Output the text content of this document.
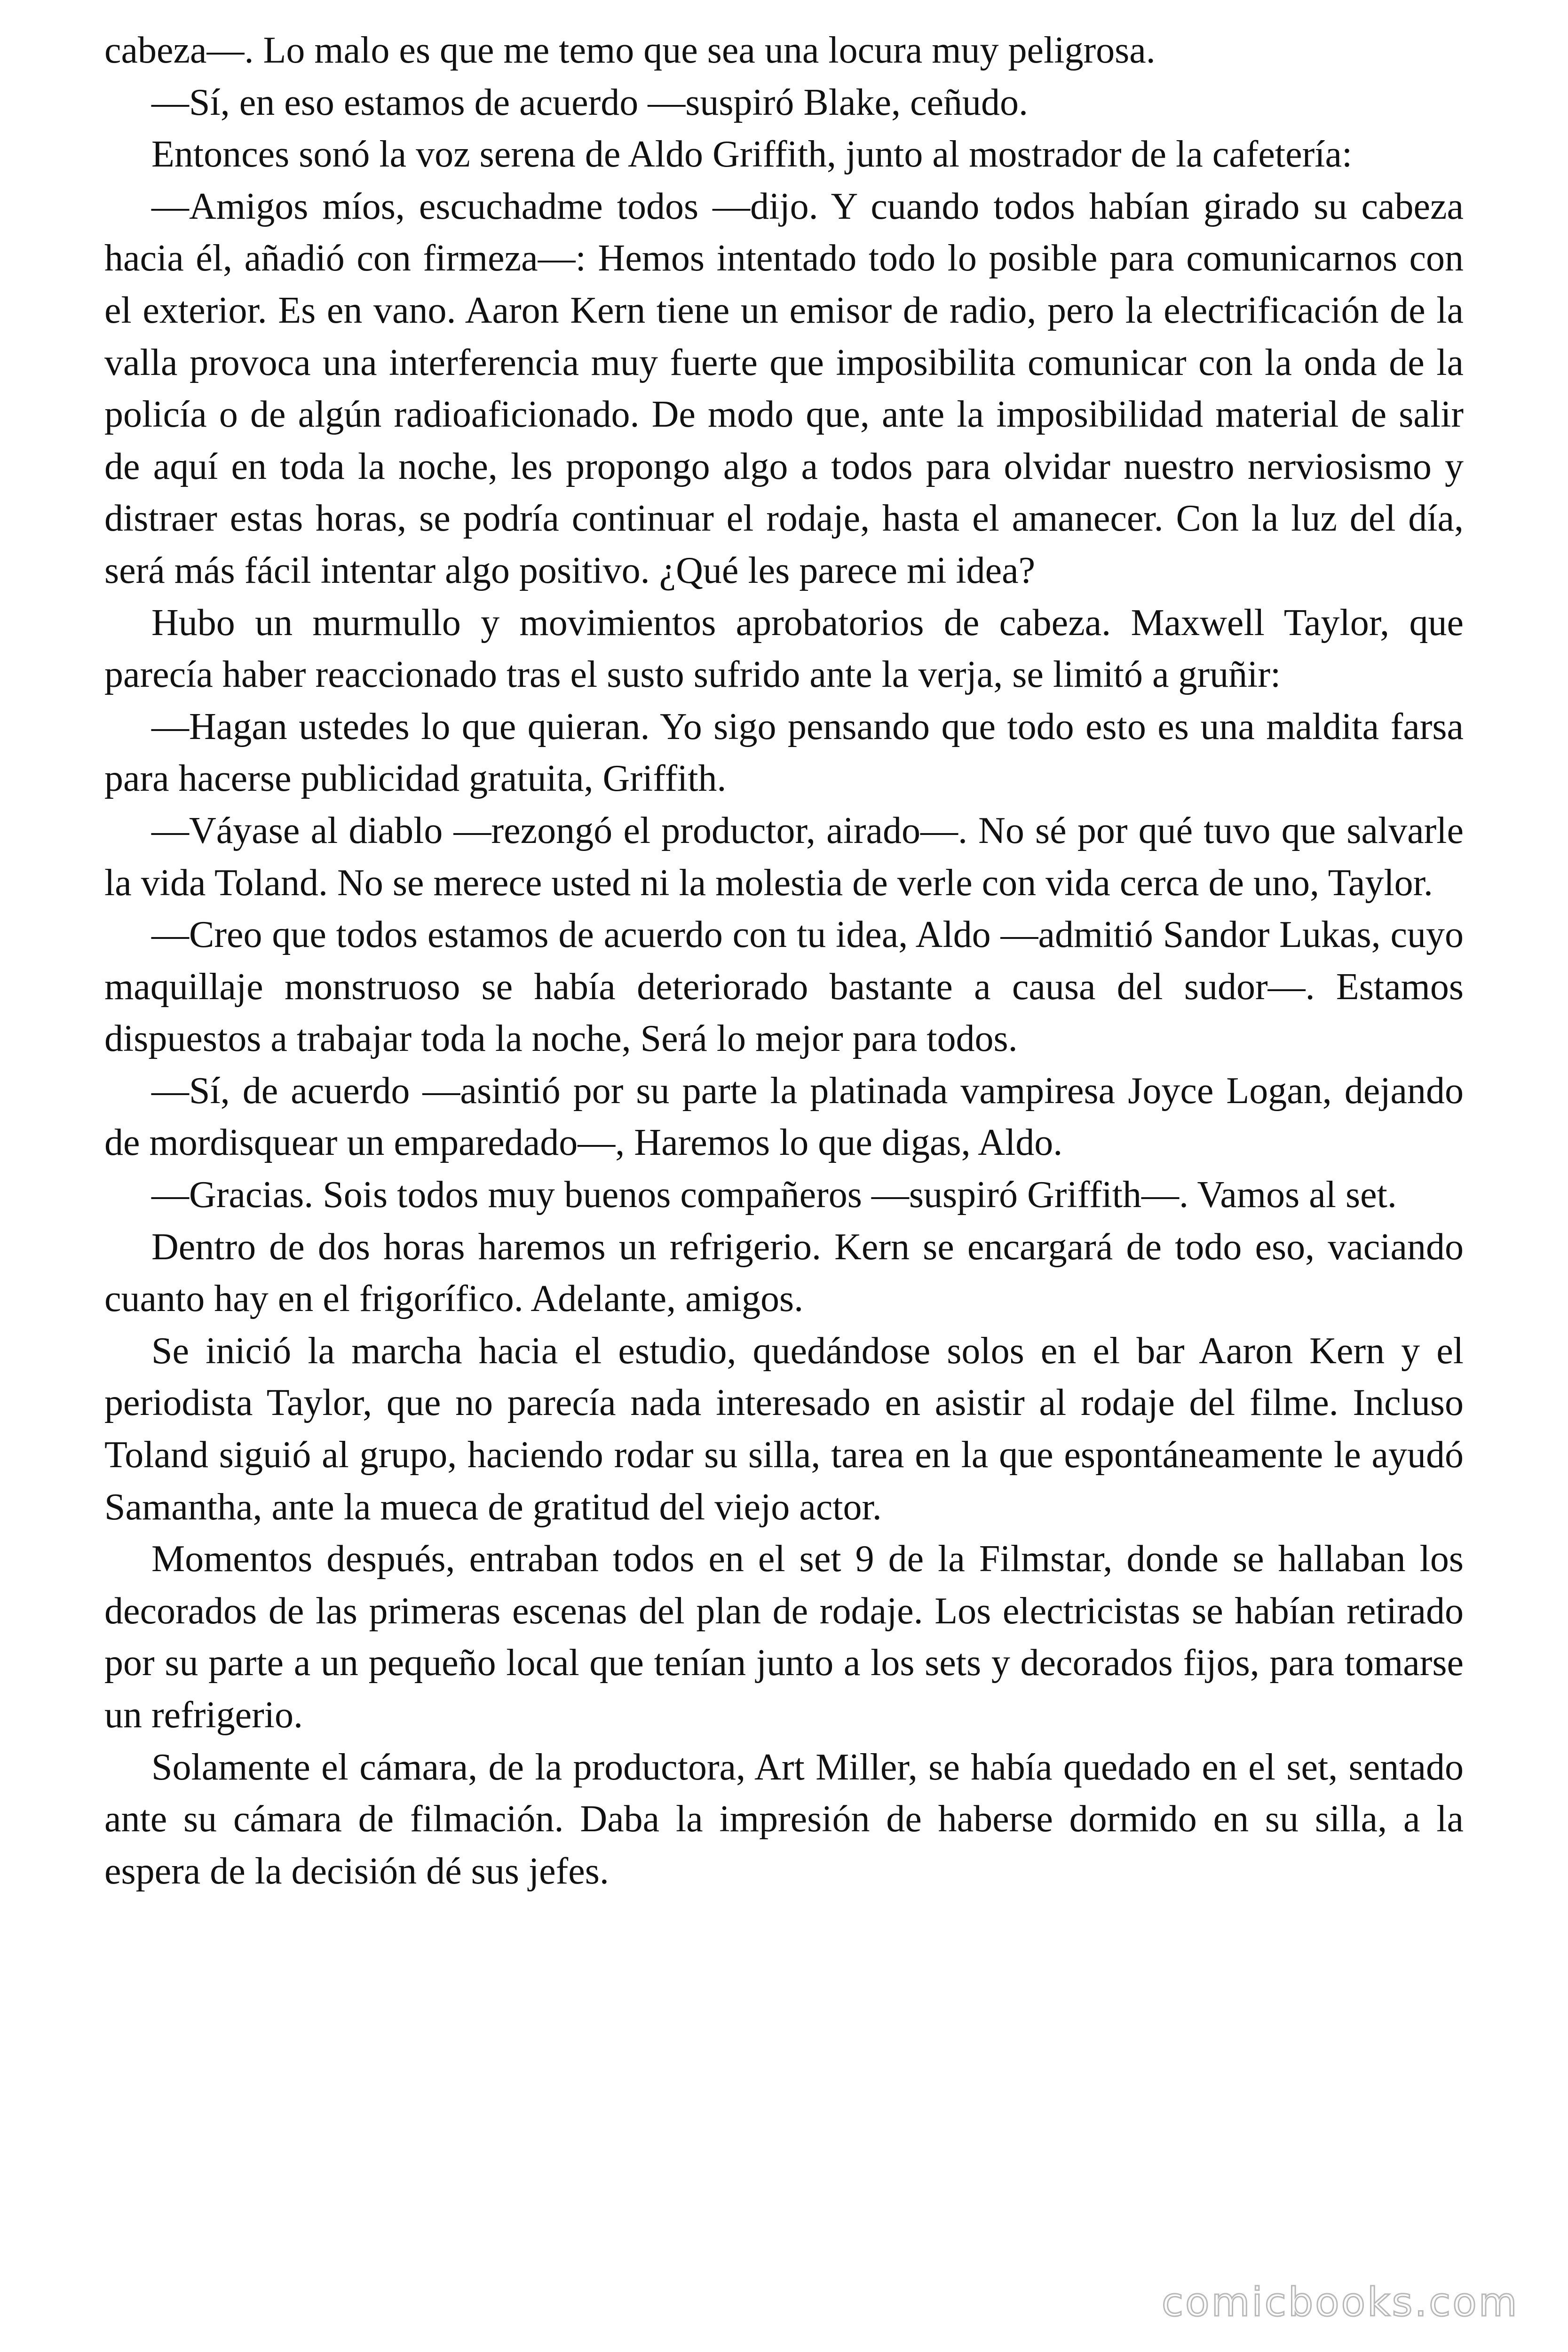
cabeza—. Lo malo es que me temo que sea una locura muy peligrosa.

—Sí, en eso estamos de acuerdo —suspiró Blake, ceñudo.

Entonces sonó la voz serena de Aldo Griffith, junto al mostrador de la cafetería:

—Amigos míos, escuchadme todos —dijo. Y cuando todos habían girado su cabeza hacia él, añadió con firmeza—: Hemos intentado todo lo posible para comunicarnos con el exterior. Es en vano. Aaron Kern tiene un emisor de radio, pero la electrificación de la valla provoca una interferencia muy fuerte que imposibilita comunicar con la onda de la policía o de algún radioaficionado. De modo que, ante la imposibilidad material de salir de aquí en toda la noche, les propongo algo a todos para olvidar nuestro nerviosismo y distraer estas horas, se podría continuar el rodaje, hasta el amanecer. Con la luz del día, será más fácil intentar algo positivo. ¿Qué les parece mi idea?

Hubo un murmullo y movimientos aprobatorios de cabeza. Maxwell Taylor, que parecía haber reaccionado tras el susto sufrido ante la verja, se limitó a gruñir:

—Hagan ustedes lo que quieran. Yo sigo pensando que todo esto es una maldita farsa para hacerse publicidad gratuita, Griffith.

—Váyase al diablo —rezongó el productor, airado—. No sé por qué tuvo que salvarle la vida Toland. No se merece usted ni la molestia de verle con vida cerca de uno, Taylor.

—Creo que todos estamos de acuerdo con tu idea, Aldo —admitió Sandor Lukas, cuyo maquillaje monstruoso se había deteriorado bastante a causa del sudor—. Estamos dispuestos a trabajar toda la noche, Será lo mejor para todos.

—Sí, de acuerdo —asintió por su parte la platinada vampiresa Joyce Logan, dejando de mordisquear un emparedado—, Haremos lo que digas, Aldo.

—Gracias. Sois todos muy buenos compañeros —suspiró Griffith—. Vamos al set.

Dentro de dos horas haremos un refrigerio. Kern se encargará de todo eso, vaciando cuanto hay en el frigorífico. Adelante, amigos.

Se inició la marcha hacia el estudio, quedándose solos en el bar Aaron Kern y el periodista Taylor, que no parecía nada interesado en asistir al rodaje del filme. Incluso Toland siguió al grupo, haciendo rodar su silla, tarea en la que espontáneamente le ayudó Samantha, ante la mueca de gratitud del viejo actor.

Momentos después, entraban todos en el set 9 de la Filmstar, donde se hallaban los decorados de las primeras escenas del plan de rodaje. Los electricistas se habían retirado por su parte a un pequeño local que tenían junto a los sets y decorados fijos, para tomarse un refrigerio.

Solamente el cámara, de la productora, Art Miller, se había quedado en el set, sentado ante su cámara de filmación. Daba la impresión de haberse dormido en su silla, a la espera de la decisión dé sus jefes.

comicbooks.com
